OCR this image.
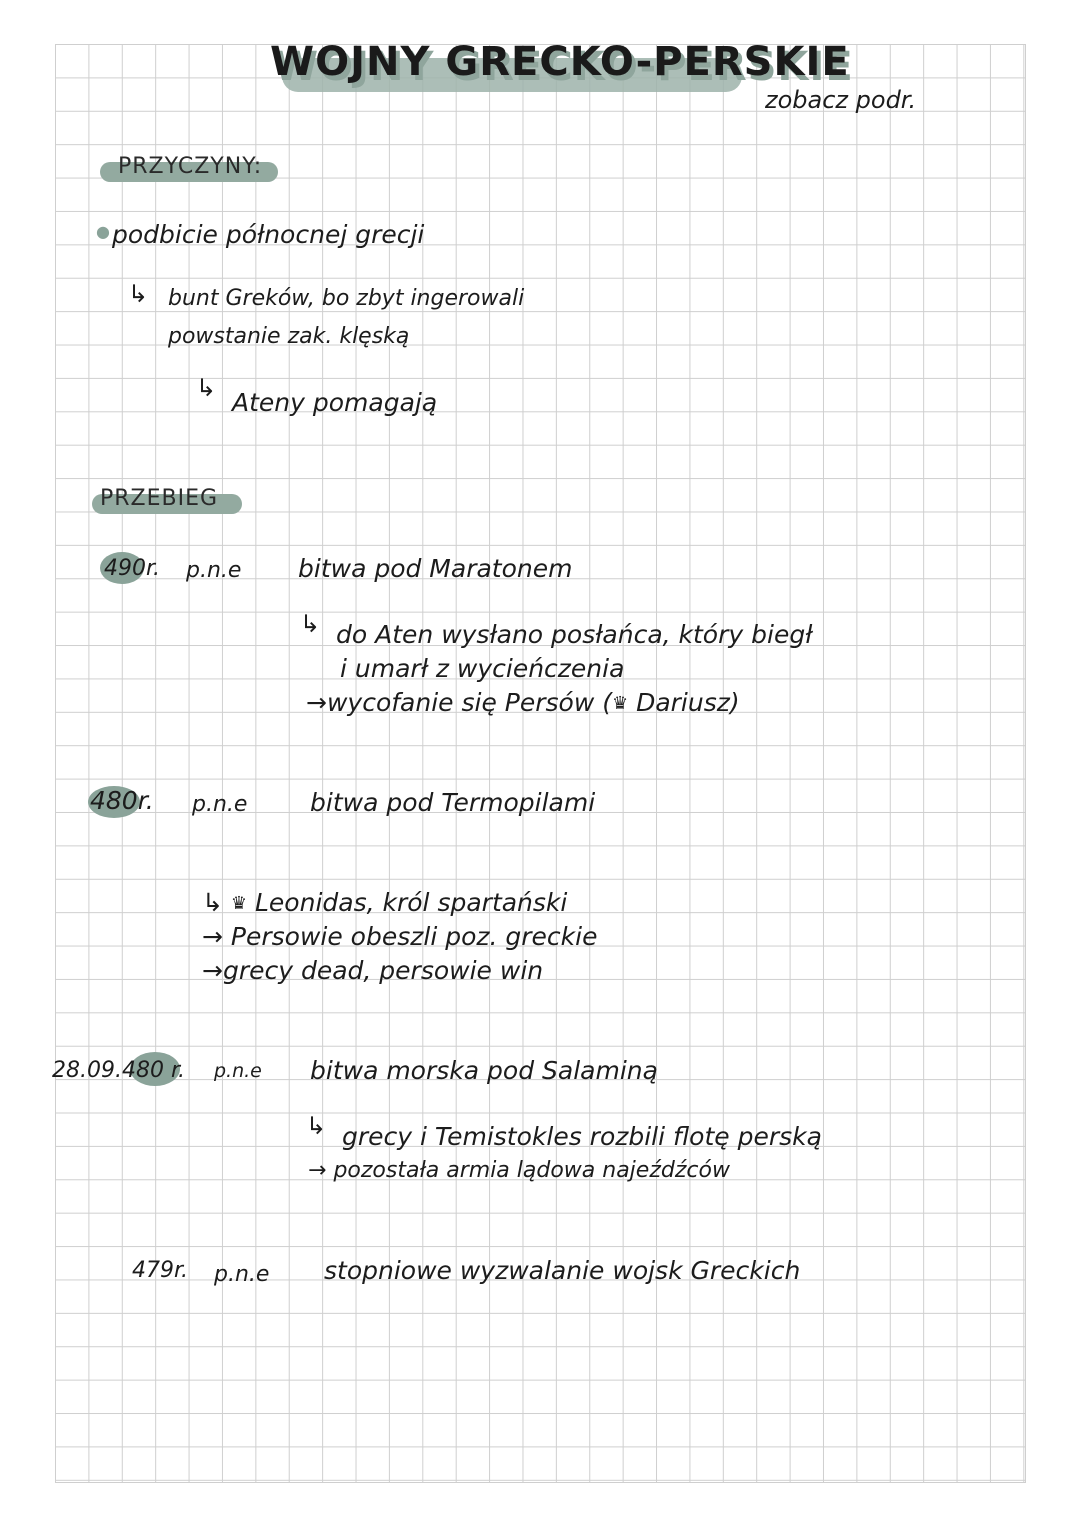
WOJNY GRECKO-PERSKIE
zobacz podr.
PRZYCZYNY:
● podbicie północnej grecji
↳ bunt Greków, bo zbyt ingerowali
powstanie zak. klęską
↳ Ateny pomagają
PRZEBIEG
490r. p.n.e bitwa pod Maratonem
↳ do Aten wysłano posłańca, który biegł
i umarł z wycieńczenia
→wycofanie się Persów (♛ Dariusz)
480r. p.n.e	bitwa pod Termopilami
↳ ♛ Leonidas, król spartański
→ Persowie obeszli poz. greckie
→grecy dead, persowie win
28.09.480 r. p.n.e bitwa morska pod Salaminą
↳ grecy i Temistokles rozbili flotę perską
→ pozostała armia lądowa najeźdźców
479r. p.n.e stopniowe wyzwalanie wojsk Greckich
